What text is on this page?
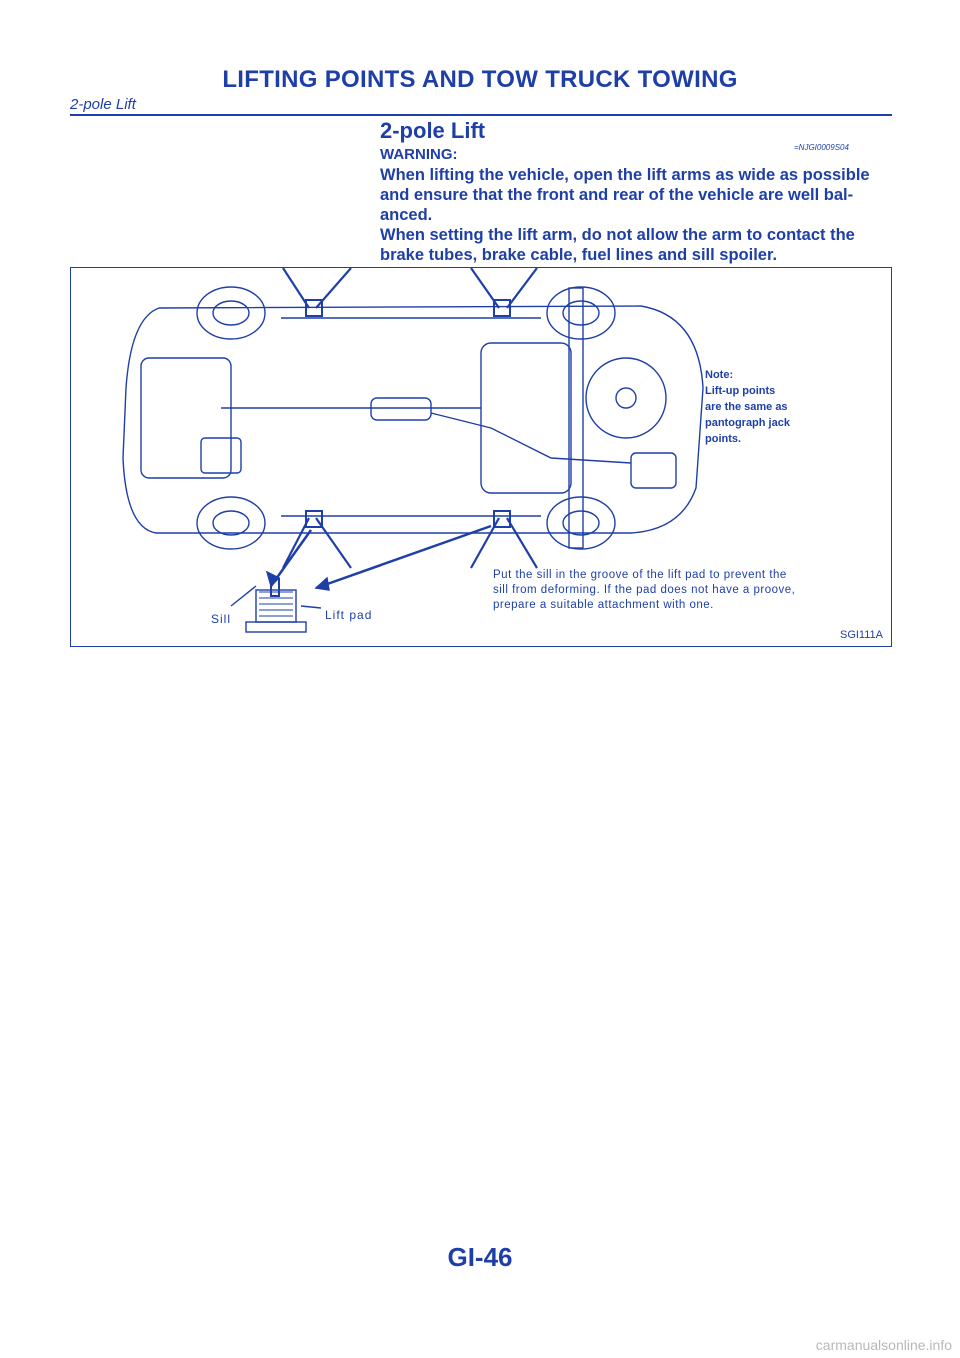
LIFTING POINTS AND TOW TRUCK TOWING
2-pole Lift
2-pole Lift
=NJGI0009S04
WARNING:

When lifting the vehicle, open the lift arms as wide as possible

and ensure that the front and rear of the vehicle are well bal-

anced.

When setting the lift arm, do not allow the arm to contact the

brake tubes, brake cable, fuel lines and sill spoiler.

Note:
Lift-up points
are the same as
pantograph jack
points.
Put the sill in the groove of the lift pad to prevent the
sill from deforming. If the pad does not have a proove,
prepare a suitable attachment with one.
Sill	Lift pad
SGI111A
GI-46
carmanualsonline.info
